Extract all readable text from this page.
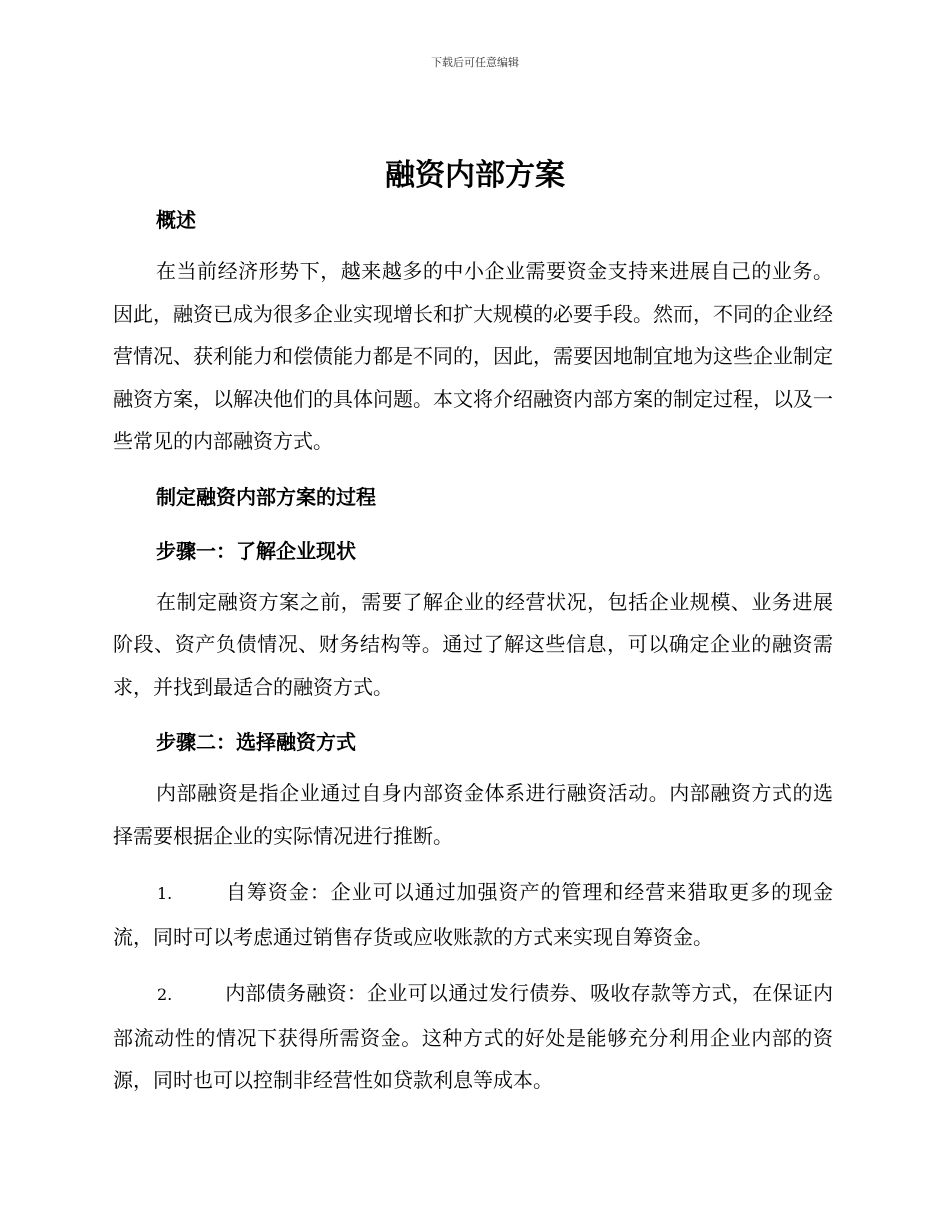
下载后可任意编辑
融资内部方案

概述

在当前经济形势下，越来越多的中小企业需要资金支持来进展自己的业务。因此，融资已成为很多企业实现增长和扩大规模的必要手段。然而，不同的企业经营情况、获利能力和偿债能力都是不同的，因此，需要因地制宜地为这些企业制定融资方案，以解决他们的具体问题。本文将介绍融资内部方案的制定过程，以及一些常见的内部融资方式。

制定融资内部方案的过程

步骤一：了解企业现状

在制定融资方案之前，需要了解企业的经营状况，包括企业规模、业务进展阶段、资产负债情况、财务结构等。通过了解这些信息，可以确定企业的融资需求，并找到最适合的融资方式。

步骤二：选择融资方式

内部融资是指企业通过自身内部资金体系进行融资活动。内部融资方式的选择需要根据企业的实际情况进行推断。

1.	自筹资金：企业可以通过加强资产的管理和经营来猎取更多的现金流，同时可以考虑通过销售存货或应收账款的方式来实现自筹资金。

2.	内部债务融资：企业可以通过发行债券、吸收存款等方式，在保证内部流动性的情况下获得所需资金。这种方式的好处是能够充分利用企业内部的资源，同时也可以控制非经营性如贷款利息等成本。
